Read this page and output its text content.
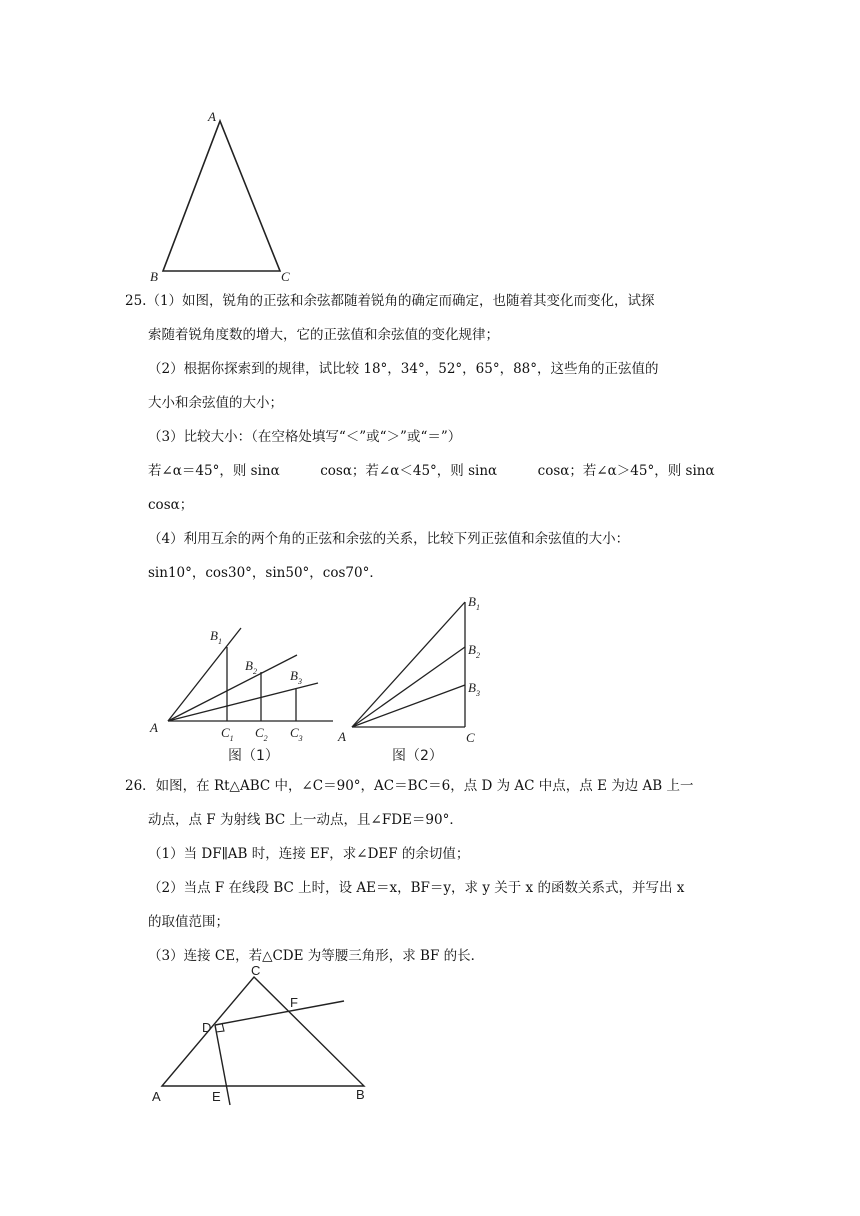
A
B	C
25.（1）如图，锐角的正弦和余弦都随着锐角的确定而确定，也随着其变化而变化，试探
索随着锐角度数的增大，它的正弦值和余弦值的变化规律；
（2）根据你探索到的规律，试比较 18°，34°，52°，65°，88°，这些角的正弦值的
大小和余弦值的大小；
（3）比较大小：（在空格处填写“＜”或“＞”或“＝”）
若∠α＝45°，则 sinα　　　cosα；若∠α＜45°，则 sinα　　　cosα；若∠α＞45°，则 sinα
cosα；
（4）利用互余的两个角的正弦和余弦的关系，比较下列正弦值和余弦值的大小：
sin10°，cos30°，sin50°，cos70°．
A
$B_1$
$B_2$	$B_3$
$C_1$ $C_2$ $C_3$
图（1）
A	C
$B_1$
$B_2$
$B_3$
图（2）
26．如图，在 Rt△ABC 中，∠C＝90°，AC＝BC＝6，点 D 为 AC 中点，点 E 为边 AB 上一
动点，点 F 为射线 BC 上一动点，且∠FDE＝90°．
（1）当 DF∥AB 时，连接 EF，求∠DEF 的余切值；
（2）当点 F 在线段 BC 上时，设 AE＝x，BF＝y，求 y 关于 x 的函数关系式，并写出 x
的取值范围；
（3）连接 CE，若△CDE 为等腰三角形，求 BF 的长．
C
F
D
A	E	B
